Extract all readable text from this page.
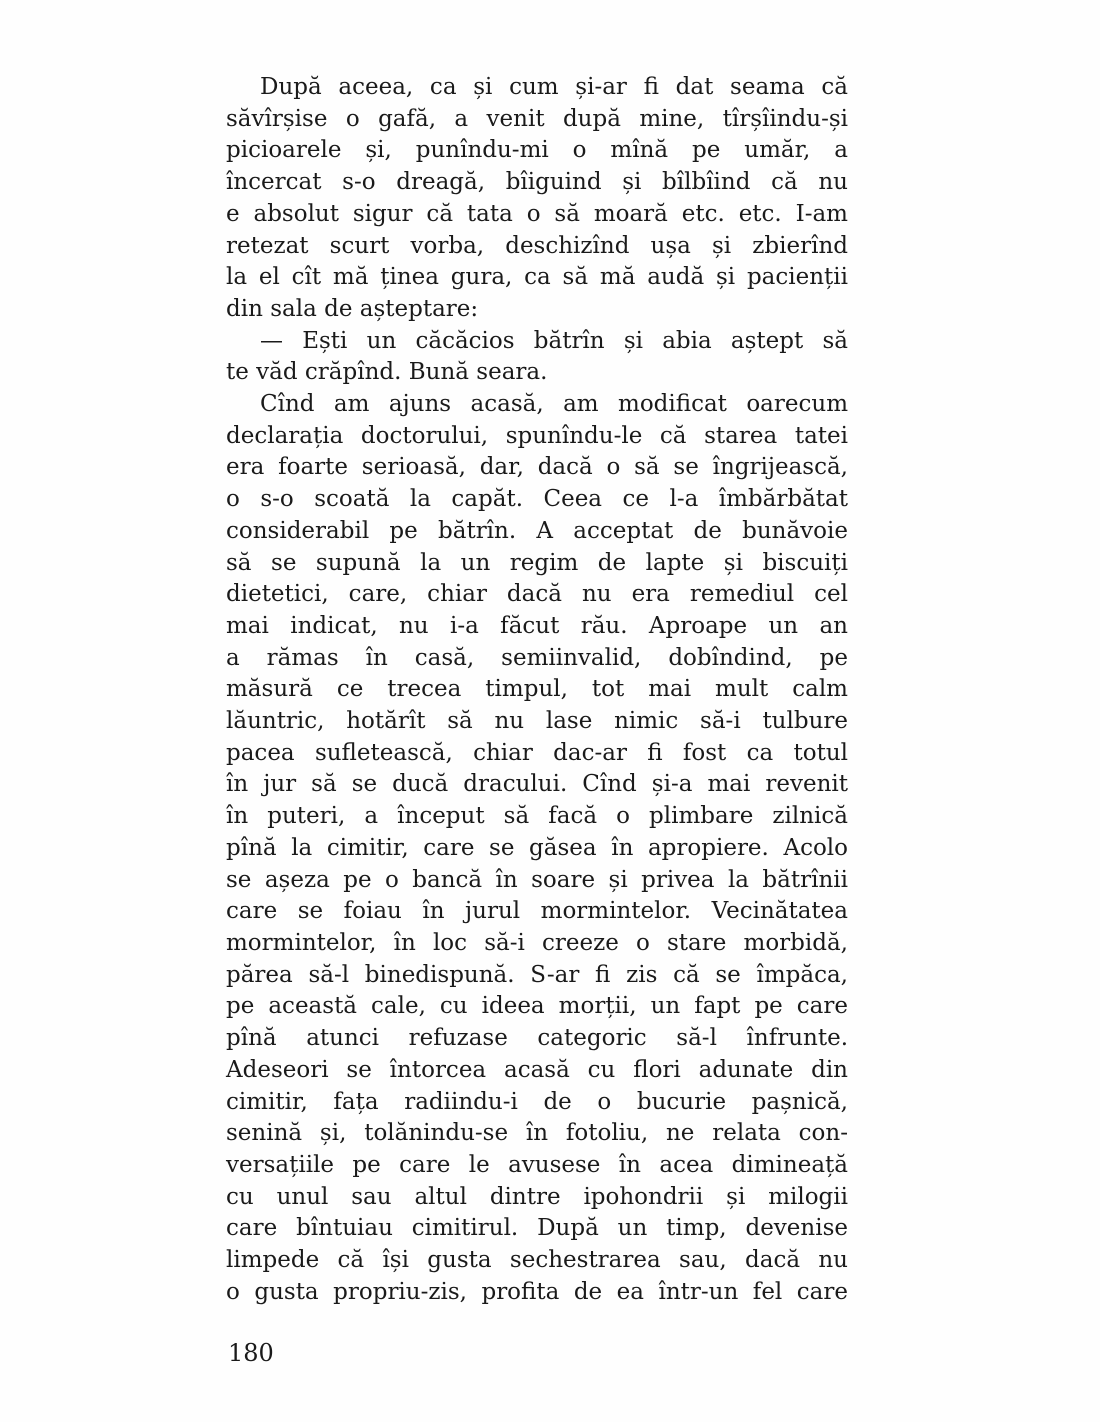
După aceea, ca și cum și-ar fi dat seama că
săvîrșise o gafă, a venit după mine, tîrșîindu-și
picioarele și, punîndu-mi o mînă pe umăr, a
încercat s-o dreagă, bîiguind și bîlbîind că nu
e absolut sigur că tata o să moară etc. etc. I-am
retezat scurt vorba, deschizînd ușa și zbierînd
la el cît mă ținea gura, ca să mă audă și pacienții
din sala de așteptare:
— Ești un căcăcios bătrîn și abia aștept să
te văd crăpînd. Bună seara.
Cînd am ajuns acasă, am modificat oarecum
declarația doctorului, spunîndu-le că starea tatei
era foarte serioasă, dar, dacă o să se îngrijească,
o s-o scoată la capăt. Ceea ce l-a îmbărbătat
considerabil pe bătrîn. A acceptat de bunăvoie
să se supună la un regim de lapte și biscuiți
dietetici, care, chiar dacă nu era remediul cel
mai indicat, nu i-a făcut rău. Aproape un an
a rămas în casă, semiinvalid, dobîndind, pe
măsură ce trecea timpul, tot mai mult calm
lăuntric, hotărît să nu lase nimic să-i tulbure
pacea sufletească, chiar dac-ar fi fost ca totul
în jur să se ducă dracului. Cînd și-a mai revenit
în puteri, a început să facă o plimbare zilnică
pînă la cimitir, care se găsea în apropiere. Acolo
se așeza pe o bancă în soare și privea la bătrînii
care se foiau în jurul mormintelor. Vecinătatea
mormintelor, în loc să-i creeze o stare morbidă,
părea să-l binedispună. S-ar fi zis că se împăca,
pe această cale, cu ideea morții, un fapt pe care
pînă atunci refuzase categoric să-l înfrunte.
Adeseori se întorcea acasă cu flori adunate din
cimitir, fața radiindu-i de o bucurie pașnică,
senină și, tolănindu-se în fotoliu, ne relata con-
versațiile pe care le avusese în acea dimineață
cu unul sau altul dintre ipohondrii și milogii
care bîntuiau cimitirul. După un timp, devenise
limpede că își gusta sechestrarea sau, dacă nu
o gusta propriu-zis, profita de ea într-un fel care
180
